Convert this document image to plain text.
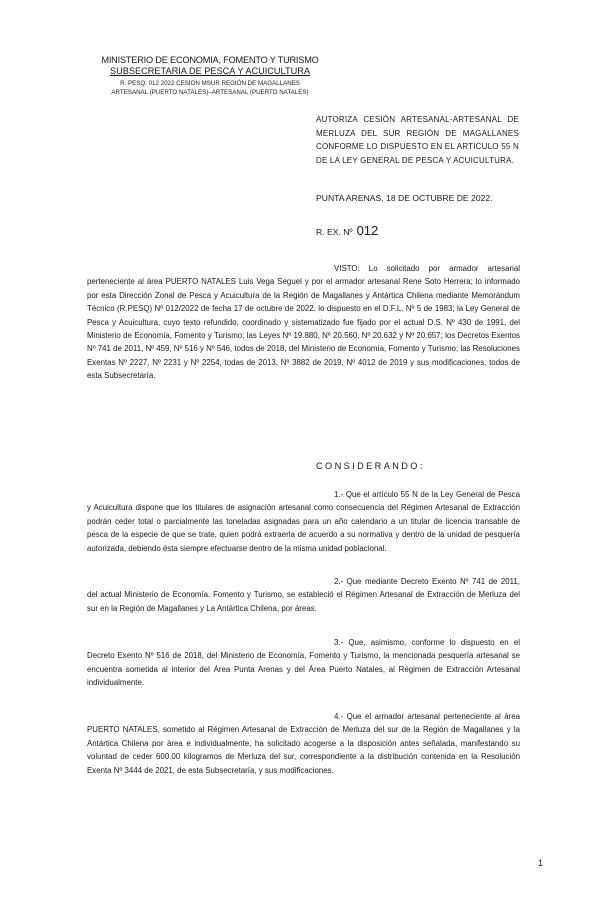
MINISTERIO DE ECONOMIA, FOMENTO Y TURISMO
SUBSECRETARIA DE PESCA Y ACUICULTURA
R. PESQ. 012 2022 CESION MSUR REGIÓN DE MAGALLANES
ARTESANAL (PUERTO NATALES)–ARTESANAL (PUERTO NATALES)
AUTORIZA CESIÓN ARTESANAL-ARTESANAL DE MERLUZA DEL SUR REGIÓN DE MAGALLANES CONFORME LO DISPUESTO EN EL ARTICULO 55 N DE LA LEY GENERAL DE PESCA Y ACUICULTURA.
PUNTA ARENAS, 18 DE OCTUBRE DE 2022.
R. EX. Nº 012
VISTO: Lo solicitado por armador artesanal perteneciente al área PUERTO NATALES Luis Vega Seguel y por el armador artesanal Rene Soto Herrera; lo informado por esta Dirección Zonal de Pesca y Acuicultura de la Región de Magallanes y Antártica Chilena mediante Memorándum Técnico (R.PESQ) Nº 012/2022 de fecha 17 de octubre de 2022. lo dispuesto en el D.F.L. Nº 5 de 1983; la Ley General de Pesca y Acuicultura, cuyo texto refundido, coordinado y sistematizado fue fijado por el actual D.S. Nº 430 de 1991, del Ministerio de Economía, Fomento y Turismo; las Leyes Nº 19.880, Nº 20.560, Nº 20.632 y Nº 20.657; los Decretos Exentos Nº 741 de 2011, Nº 459, Nº 516 y Nº 546, todos de 2018, del Ministerio de Economía, Fomento y Turismo; las Resoluciones Exentas Nº 2227, Nº 2231 y Nº 2254, todas de 2013, Nº 3882 de 2019, Nº 4012 de 2019 y sus modificaciones, todos de esta Subsecretaría.
CONSIDERANDO:
1.- Que el artículo 55 N de la Ley General de Pesca y Acuicultura dispone que los titulares de asignación artesanal como consecuencia del Régimen Artesanal de Extracción podrán ceder total o parcialmente las toneladas asignadas para un año calendario a un titular de licencia transable de pesca de la especie de que se trate, quien podrá extraerla de acuerdo a su normativa y dentro de la unidad de pesquería autorizada, debiendo ésta siempre efectuarse dentro de la misma unidad poblacional.
2.- Que mediante Decreto Exento Nº 741 de 2011, del actual Ministerio de Economía, Fomento y Turismo, se estableció el Régimen Artesanal de Extracción de Merluza del sur en la Región de Magallanes y La Antártica Chilena, por áreas.
3.- Que, asimismo, conforme lo dispuesto en el Decreto Exento Nº 516 de 2018, del Ministerio de Economía, Fomento y Turismo, la mencionada pesquería artesanal se encuentra sometida al interior del Área Punta Arenas y del Área Puerto Natales, al Régimen de Extracción Artesanal individualmente.
4.- Que el armador artesanal perteneciente al área PUERTO NATALES, sometido al Régimen Artesanal de Extracción de Merluza del sur de la Región de Magallanes y la Antártica Chilena por área e individualmente, ha solicitado acogerse a la disposición antes señalada, manifestando su voluntad de ceder 600.00 kilogramos de Merluza del sur, correspondiente a la distribución contenida en la Resolución Exenta Nº 3444 de 2021, de esta Subsecretaría, y sus modificaciones.
1
